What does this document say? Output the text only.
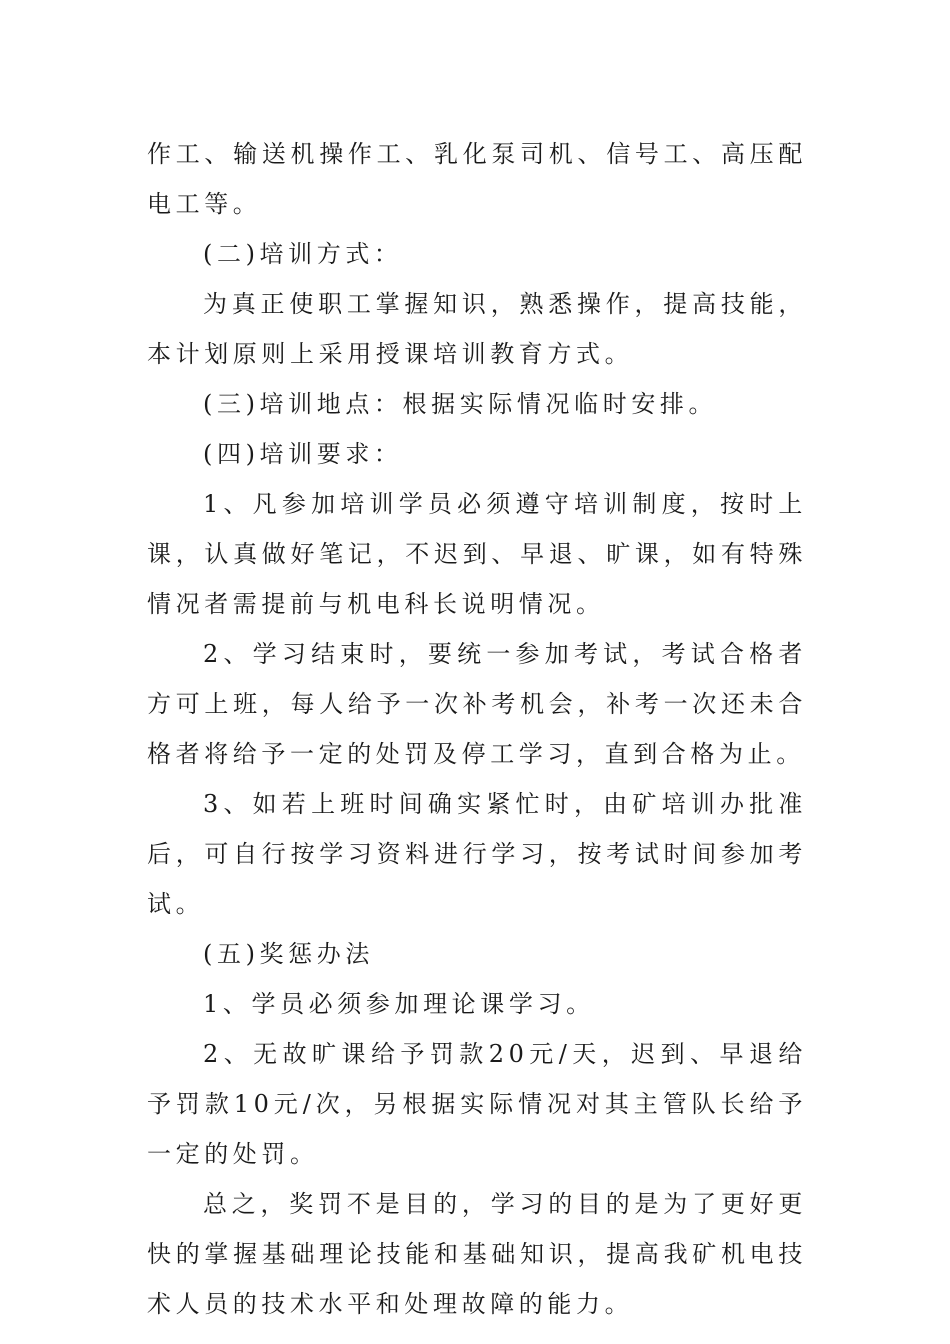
作工、输送机操作工、乳化泵司机、信号工、高压配电工等。

(二)培训方式：

为真正使职工掌握知识，熟悉操作，提高技能，本计划原则上采用授课培训教育方式。

(三)培训地点：根据实际情况临时安排。

(四)培训要求：

1、凡参加培训学员必须遵守培训制度，按时上课，认真做好笔记，不迟到、早退、旷课，如有特殊情况者需提前与机电科长说明情况。

2、学习结束时，要统一参加考试，考试合格者方可上班，每人给予一次补考机会，补考一次还未合格者将给予一定的处罚及停工学习，直到合格为止。

3、如若上班时间确实紧忙时，由矿培训办批准后，可自行按学习资料进行学习，按考试时间参加考试。

(五)奖惩办法

1、学员必须参加理论课学习。

2、无故旷课给予罚款20元/天，迟到、早退给予罚款10元/次，另根据实际情况对其主管队长给予一定的处罚。

总之，奖罚不是目的，学习的目的是为了更好更快的掌握基础理论技能和基础知识，提高我矿机电技术人员的技术水平和处理故障的能力。
